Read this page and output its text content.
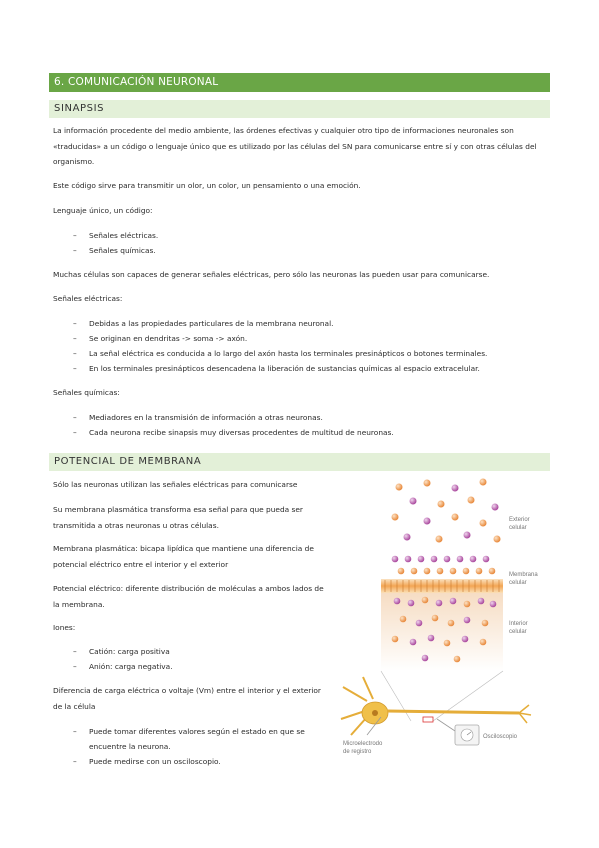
6. COMUNICACIÓN NEURONAL
SINAPSIS
La información procedente del medio ambiente, las órdenes efectivas y cualquier otro tipo de informaciones neuronales son «traducidas» a un código o lenguaje único que es utilizado por las células del SN para comunicarse entre sí y con otras células del organismo.
Este código sirve para transmitir un olor, un color, un pensamiento o una emoción.
Lenguaje único, un código:
– Señales eléctricas.
– Señales químicas.
Muchas células son capaces de generar señales eléctricas, pero sólo las neuronas las pueden usar para comunicarse.
Señales eléctricas:
– Debidas a las propiedades particulares de la membrana neuronal.
– Se originan en dendritas -> soma -> axón.
– La señal eléctrica es conducida a lo largo del axón hasta los terminales presinápticos o botones terminales.
– En los terminales presinápticos desencadena la liberación de sustancias químicas al espacio extracelular.
Señales químicas:
– Mediadores en la transmisión de información a otras neuronas.
– Cada neurona recibe sinapsis muy diversas procedentes de multitud de neuronas.
POTENCIAL DE MEMBRANA
Sólo las neuronas utilizan las señales eléctricas para comunicarse
Su membrana plasmática transforma esa señal para que pueda ser transmitida a otras neuronas u otras células.
Membrana plasmática: bicapa lipídica que mantiene una diferencia de potencial eléctrico entre el interior y el exterior
Potencial eléctrico: diferente distribución de moléculas a ambos lados de la membrana.
Iones:
– Catión: carga positiva
– Anión: carga negativa.
Diferencia de carga eléctrica o voltaje (Vm) entre el interior y el exterior de la célula
– Puede tomar diferentes valores según el estado en que se encuentre la neurona.
– Puede medirse con un osciloscopio.
Exterior celular
Membrana celular
Interior celular
Microelectrodo de registro
Osciloscopio
